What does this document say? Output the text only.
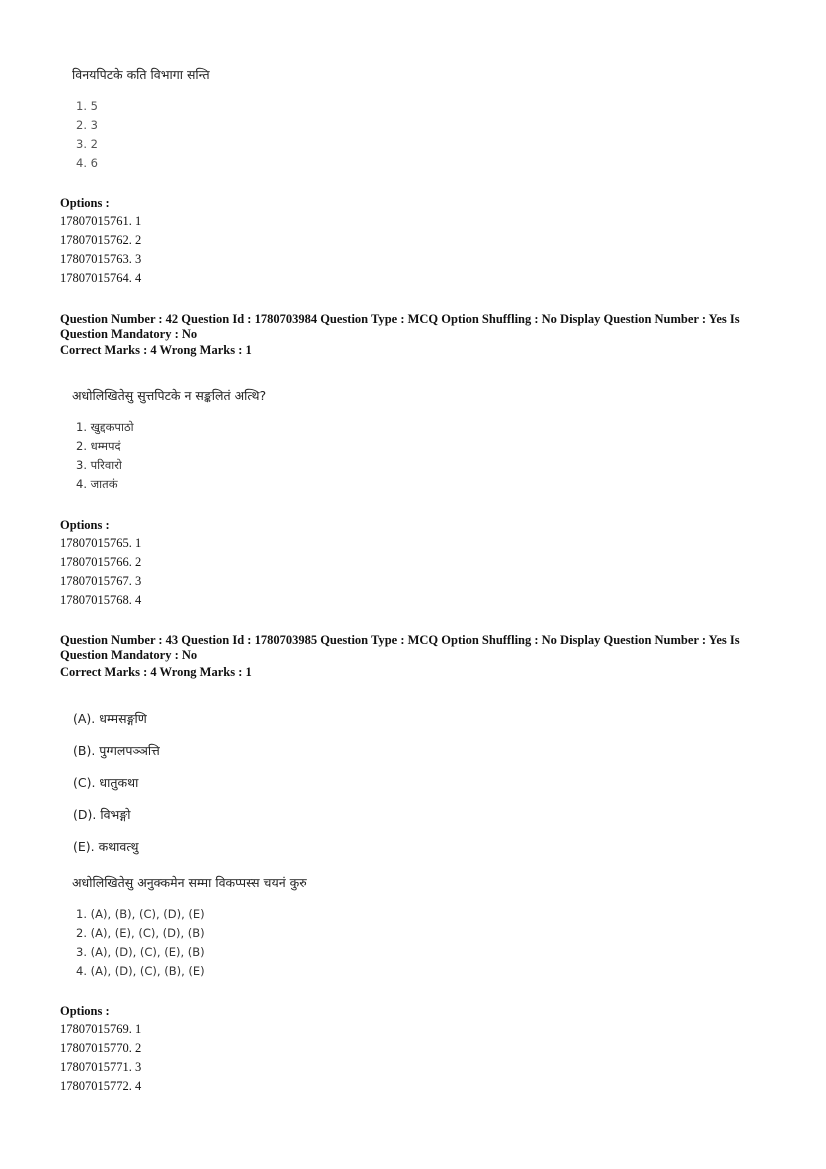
विनयपिटके कति विभागा सन्ति
1. 5
2. 3
3. 2
4. 6
Options :
17807015761. 1
17807015762. 2
17807015763. 3
17807015764. 4
Question Number : 42 Question Id : 1780703984 Question Type : MCQ Option Shuffling : No Display Question Number : Yes Is
Question Mandatory : No
Correct Marks : 4 Wrong Marks : 1
अधोलिखितेसु सुत्तपिटके न सङ्कलितं अत्थि?
1. खुद्दकपाठो
2. धम्मपदं
3. परिवारो
4. जातकं
Options :
17807015765. 1
17807015766. 2
17807015767. 3
17807015768. 4
Question Number : 43 Question Id : 1780703985 Question Type : MCQ Option Shuffling : No Display Question Number : Yes Is
Question Mandatory : No
Correct Marks : 4 Wrong Marks : 1
(A). धम्मसङ्गणि
(B). पुग्गलपञ्ञत्ति
(C). धातुकथा
(D). विभङ्गो
(E). कथावत्थु
अधोलिखितेसु अनुक्कमेन सम्मा विकप्पस्स चयनं कुरु
1. (A), (B), (C), (D), (E)
2. (A), (E), (C), (D), (B)
3. (A), (D), (C), (E), (B)
4. (A), (D), (C), (B), (E)
Options :
17807015769. 1
17807015770. 2
17807015771. 3
17807015772. 4
